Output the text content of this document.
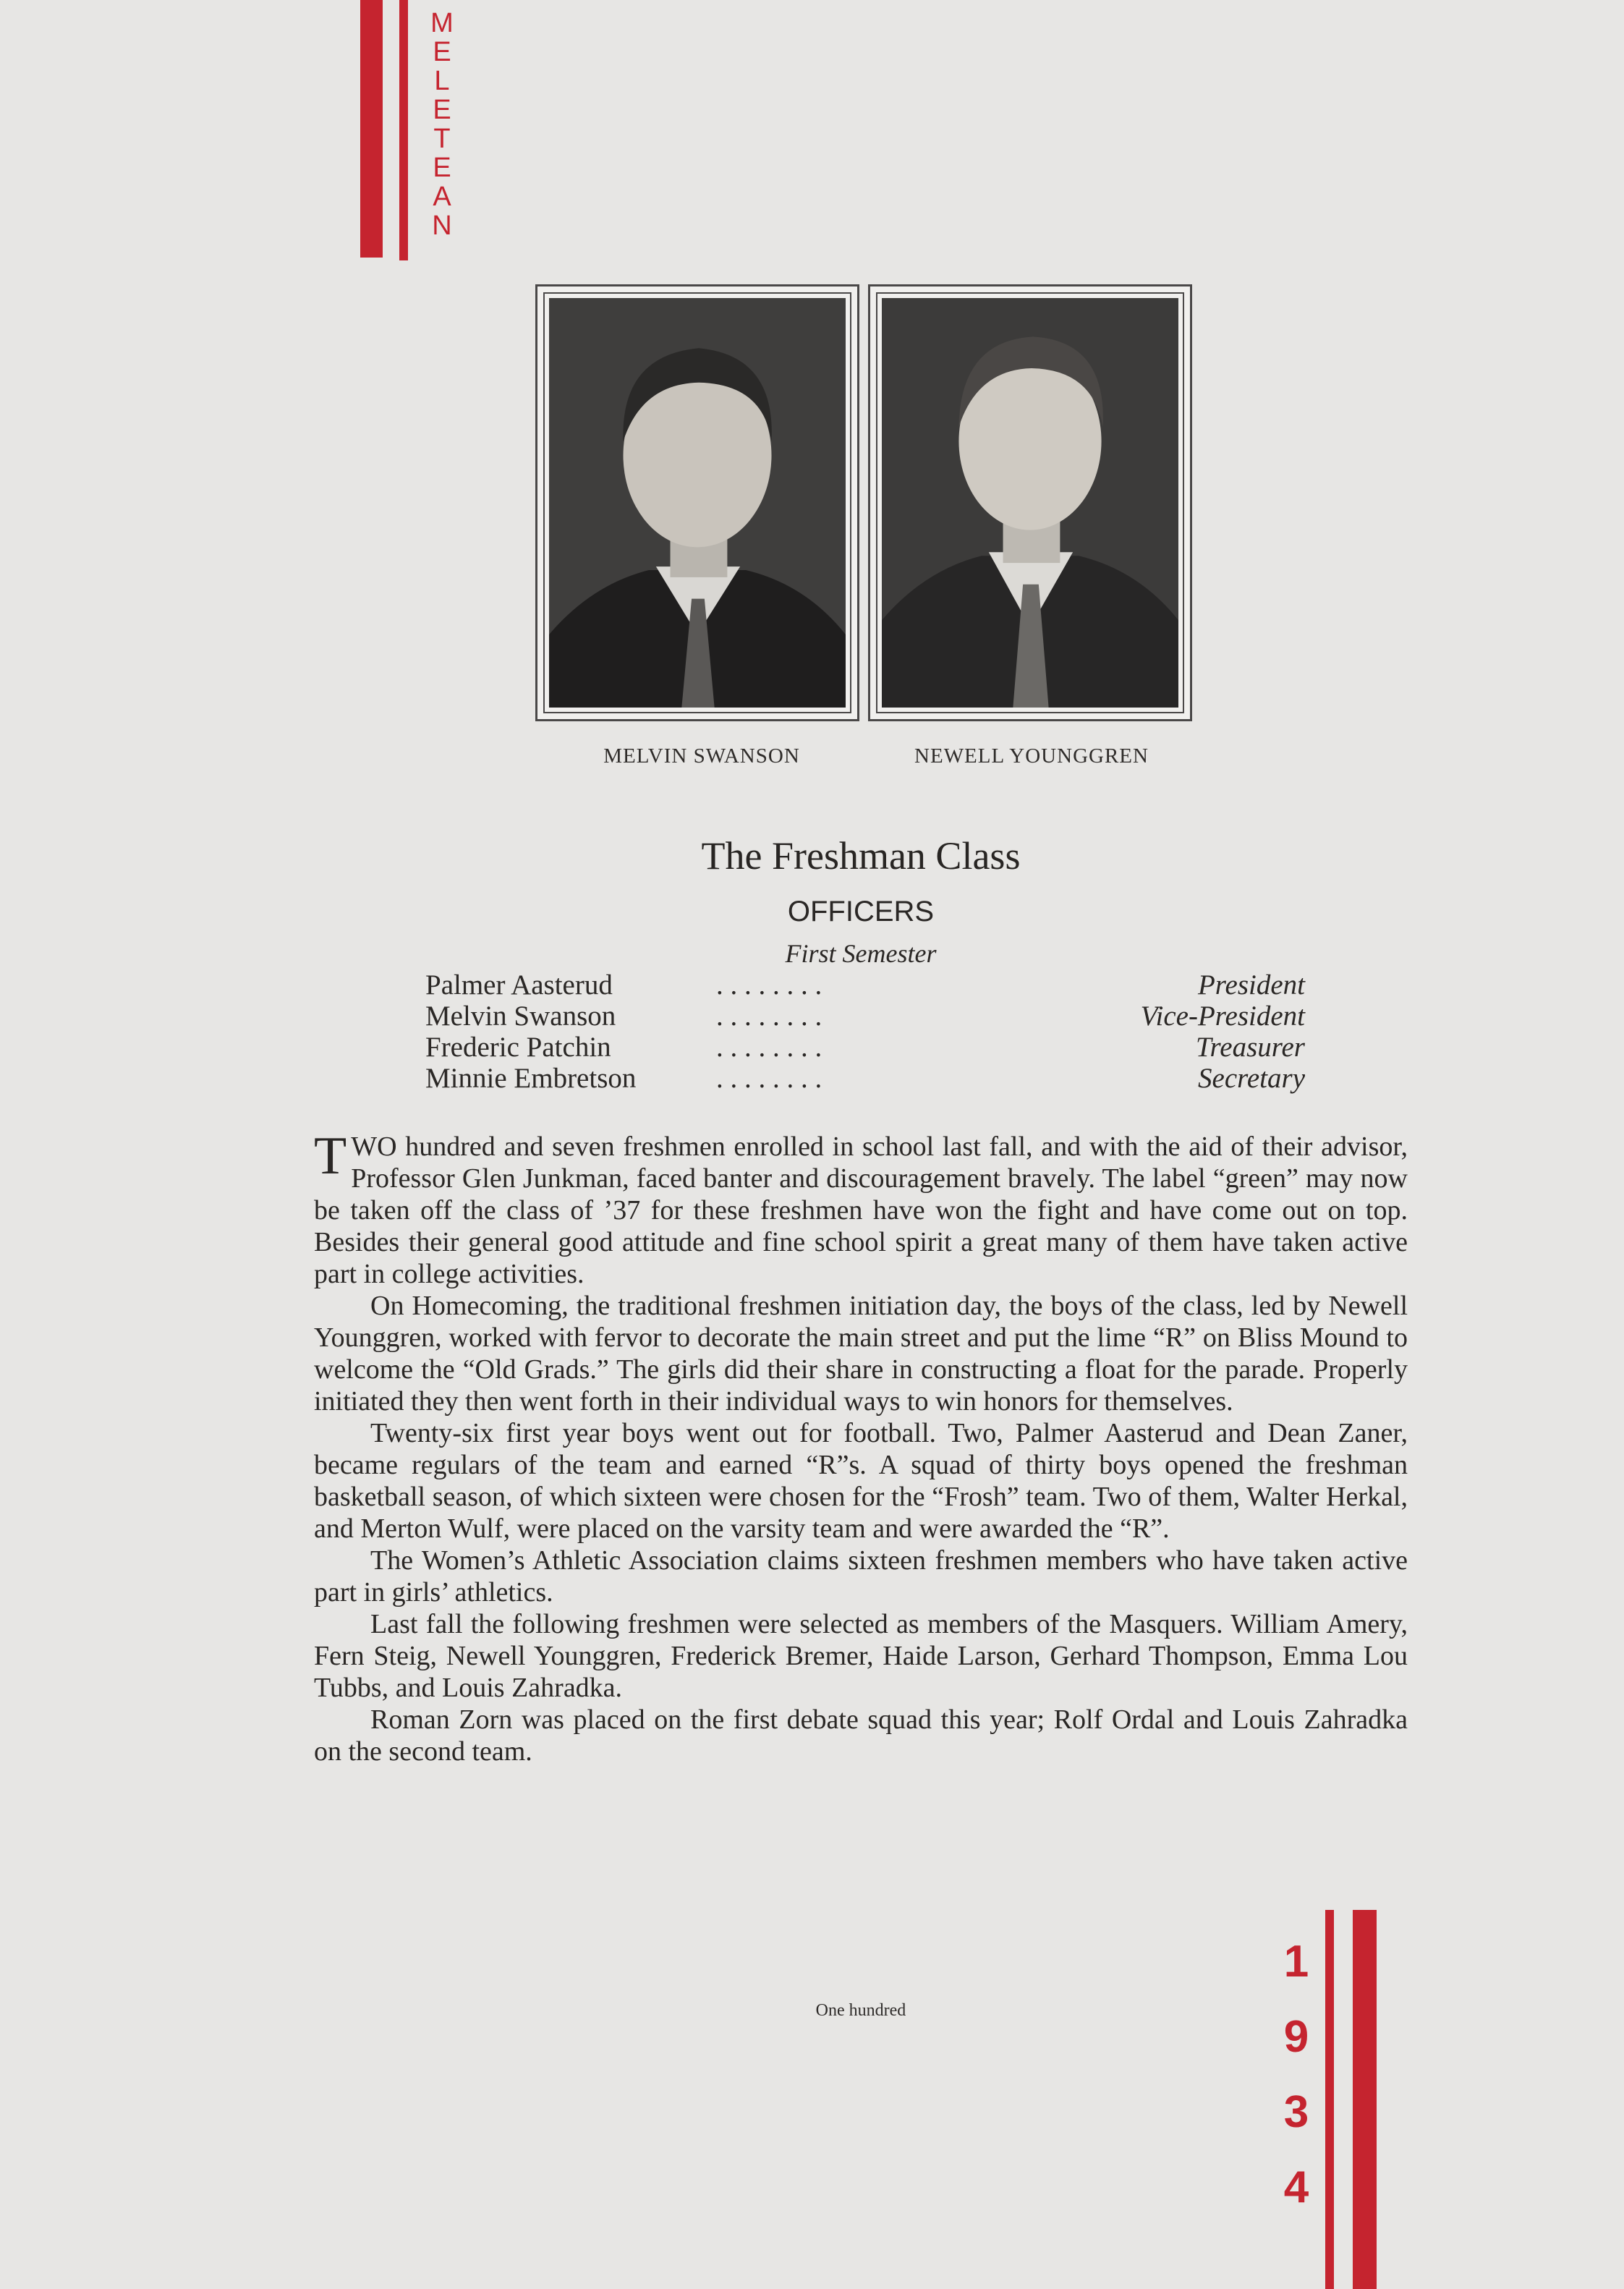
M
E
L
E
T
E
A
N
MELVIN SWANSON	NEWELL YOUNGGREN
The Freshman Class
OFFICERS
First Semester
Palmer Aasterud	. . . . . . . .	President
Melvin Swanson	. . . . . . . .	Vice-President
Frederic Patchin	. . . . . . . .	Treasurer
Minnie Embretson	. . . . . . . .	Secretary

TWO hundred and seven freshmen enrolled in school last fall, and with the aid of their advisor, Professor Glen Junkman, faced banter and discouragement bravely. The label “green” may now be taken off the class of ’37 for these freshmen have won the fight and have come out on top. Besides their general good attitude and fine school spirit a great many of them have taken active part in college activities.

On Homecoming, the traditional freshmen initiation day, the boys of the class, led by Newell Younggren, worked with fervor to decorate the main street and put the lime “R” on Bliss Mound to welcome the “Old Grads.” The girls did their share in constructing a float for the parade. Properly initiated they then went forth in their individual ways to win honors for themselves.

Twenty-six first year boys went out for football. Two, Palmer Aasterud and Dean Zaner, became regulars of the team and earned “R”s. A squad of thirty boys opened the freshman basketball season, of which sixteen were chosen for the “Frosh” team. Two of them, Walter Herkal, and Merton Wulf, were placed on the varsity team and were awarded the “R”.

The Women’s Athletic Association claims sixteen freshmen members who have taken active part in girls’ athletics.

Last fall the following freshmen were selected as members of the Masquers. William Amery, Fern Steig, Newell Younggren, Frederick Bremer, Haide Larson, Gerhard Thompson, Emma Lou Tubbs, and Louis Zahradka.

Roman Zorn was placed on the first debate squad this year; Rolf Ordal and Louis Zahradka on the second team.

One hundred
1
9
3
4
